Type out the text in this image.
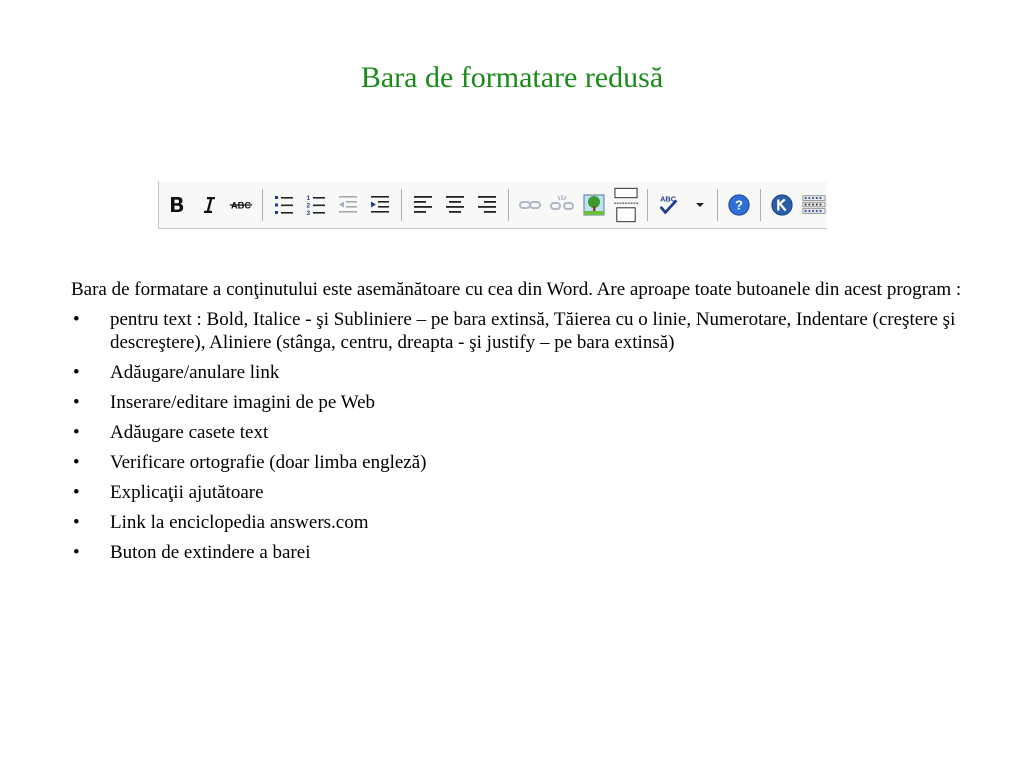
Bara de formatare redusă
ABC
1
2
3
ABC	?

Bara de formatare a conţinutului este asemănătoare cu cea din Word. Are aproape toate butoanele din acest program :

• pentru text : Bold, Italice - şi Subliniere – pe bara extinsă, Tăierea cu o linie, Numerotare, Indentare (creştere şi descreştere), Aliniere (stânga, centru, dreapta - şi justify – pe bara extinsă)
• Adăugare/anulare link
• Inserare/editare imagini de pe Web
• Adăugare casete text
• Verificare ortografie (doar limba engleză)
• Explicaţii ajutătoare
• Link la enciclopedia answers.com
• Buton de extindere a barei
